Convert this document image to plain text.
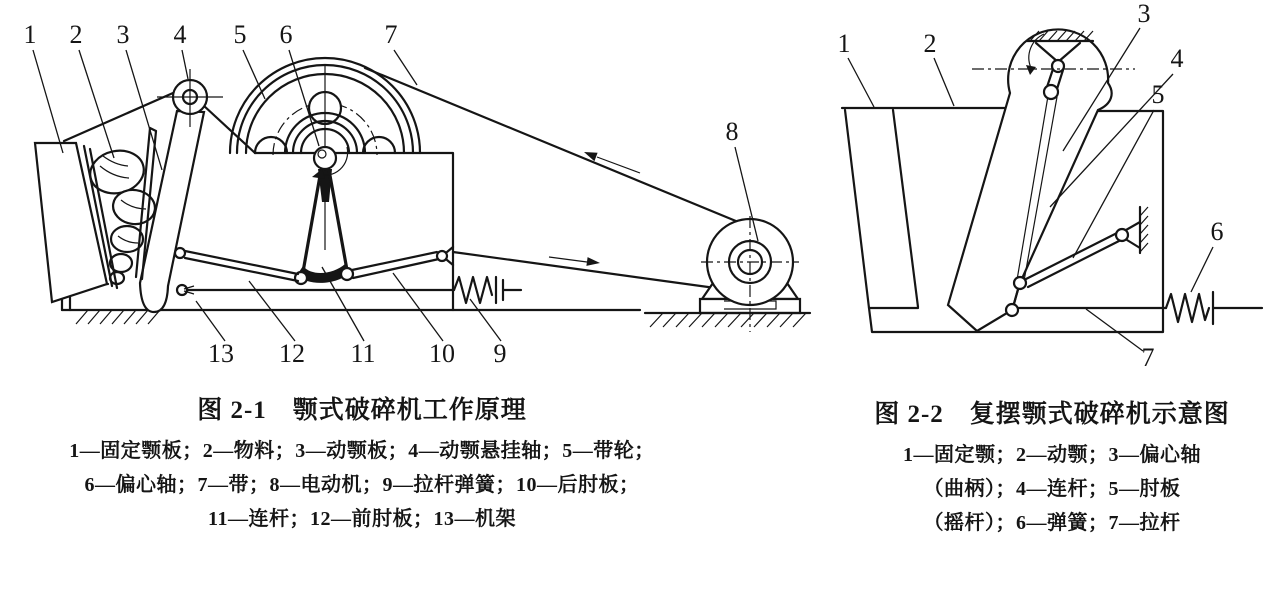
1 2 3 4 5 6	7
8
9
10
11
12
13
1	2
3
4
5
6
7
图 2-1　颚式破碎机工作原理
1—固定颚板；2—物料；3—动颚板；4—动颚悬挂轴；5—带轮；
6—偏心轴；7—带；8—电动机；9—拉杆弹簧；10—后肘板；
11—连杆；12—前肘板；13—机架
图 2-2　复摆颚式破碎机示意图
1—固定颚；2—动颚；3—偏心轴
（曲柄）；4—连杆；5—肘板
（摇杆）；6—弹簧；7—拉杆
